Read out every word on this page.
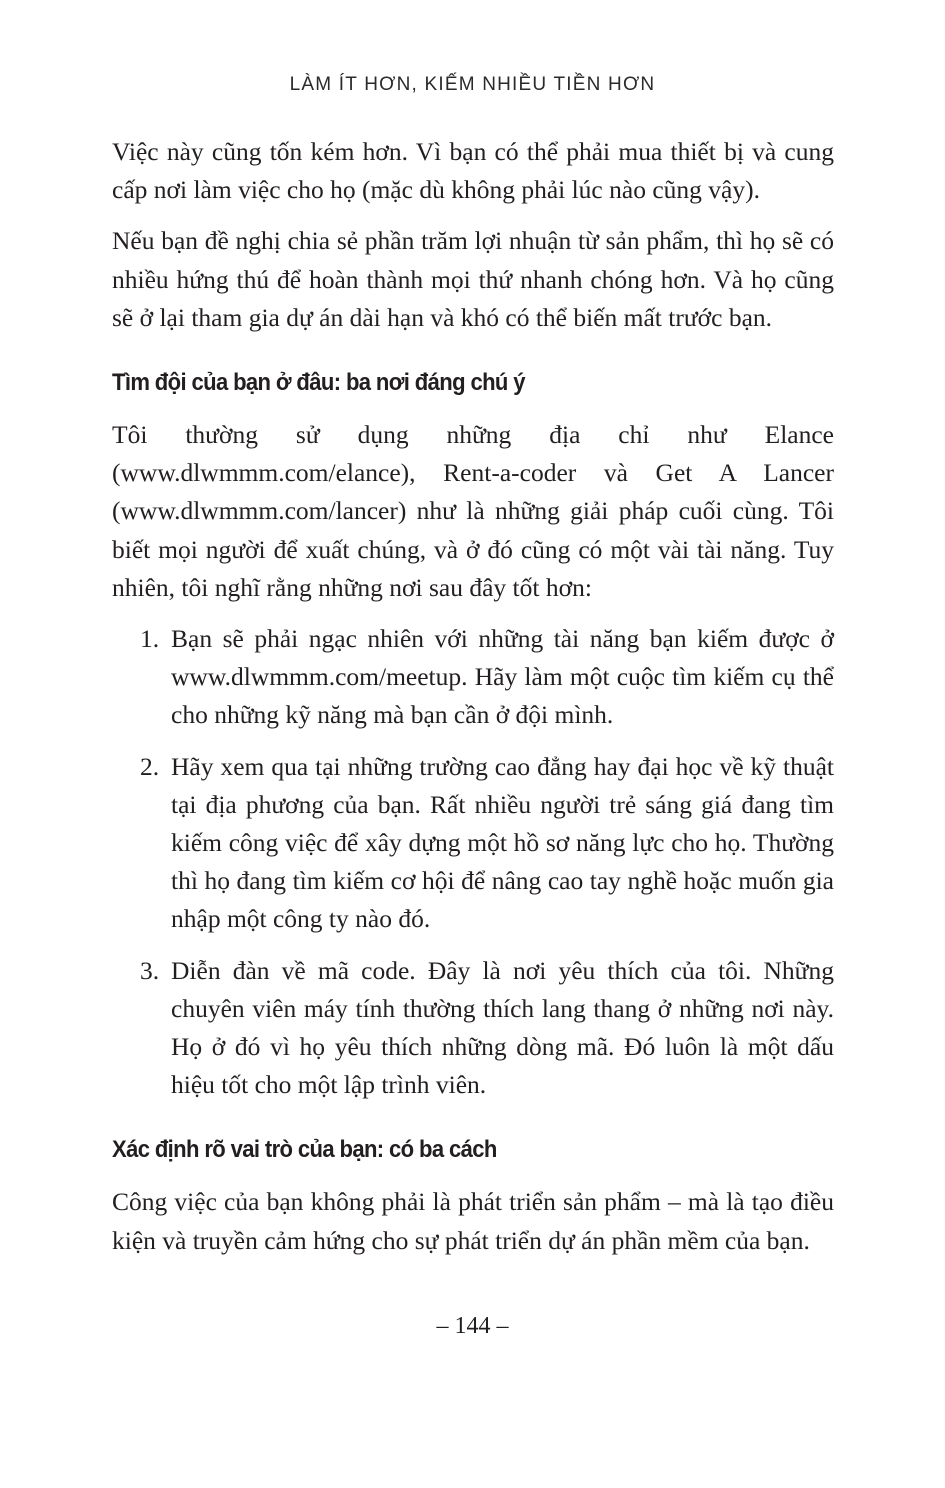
LÀM ÍT HƠN, KIẾM NHIỀU TIỀN HƠN

Việc này cũng tốn kém hơn. Vì bạn có thể phải mua thiết bị và cung cấp nơi làm việc cho họ (mặc dù không phải lúc nào cũng vậy).

Nếu bạn đề nghị chia sẻ phần trăm lợi nhuận từ sản phẩm, thì họ sẽ có nhiều hứng thú để hoàn thành mọi thứ nhanh chóng hơn. Và họ cũng sẽ ở lại tham gia dự án dài hạn và khó có thể biến mất trước bạn.

Tìm đội của bạn ở đâu: ba nơi đáng chú ý

Tôi thường sử dụng những địa chỉ như Elance (www.dlwmmm.com/elance), Rent-a-coder và Get A Lancer (www.dlwmmm.com/lancer) như là những giải pháp cuối cùng. Tôi biết mọi người để xuất chúng, và ở đó cũng có một vài tài năng. Tuy nhiên, tôi nghĩ rằng những nơi sau đây tốt hơn:

1. Bạn sẽ phải ngạc nhiên với những tài năng bạn kiếm được ở www.dlwmmm.com/meetup. Hãy làm một cuộc tìm kiếm cụ thể cho những kỹ năng mà bạn cần ở đội mình.
2. Hãy xem qua tại những trường cao đẳng hay đại học về kỹ thuật tại địa phương của bạn. Rất nhiều người trẻ sáng giá đang tìm kiếm công việc để xây dựng một hồ sơ năng lực cho họ. Thường thì họ đang tìm kiếm cơ hội để nâng cao tay nghề hoặc muốn gia nhập một công ty nào đó.
3. Diễn đàn về mã code. Đây là nơi yêu thích của tôi. Những chuyên viên máy tính thường thích lang thang ở những nơi này. Họ ở đó vì họ yêu thích những dòng mã. Đó luôn là một dấu hiệu tốt cho một lập trình viên.
Xác định rõ vai trò của bạn: có ba cách

Công việc của bạn không phải là phát triển sản phẩm – mà là tạo điều kiện và truyền cảm hứng cho sự phát triển dự án phần mềm của bạn.

– 144 –
